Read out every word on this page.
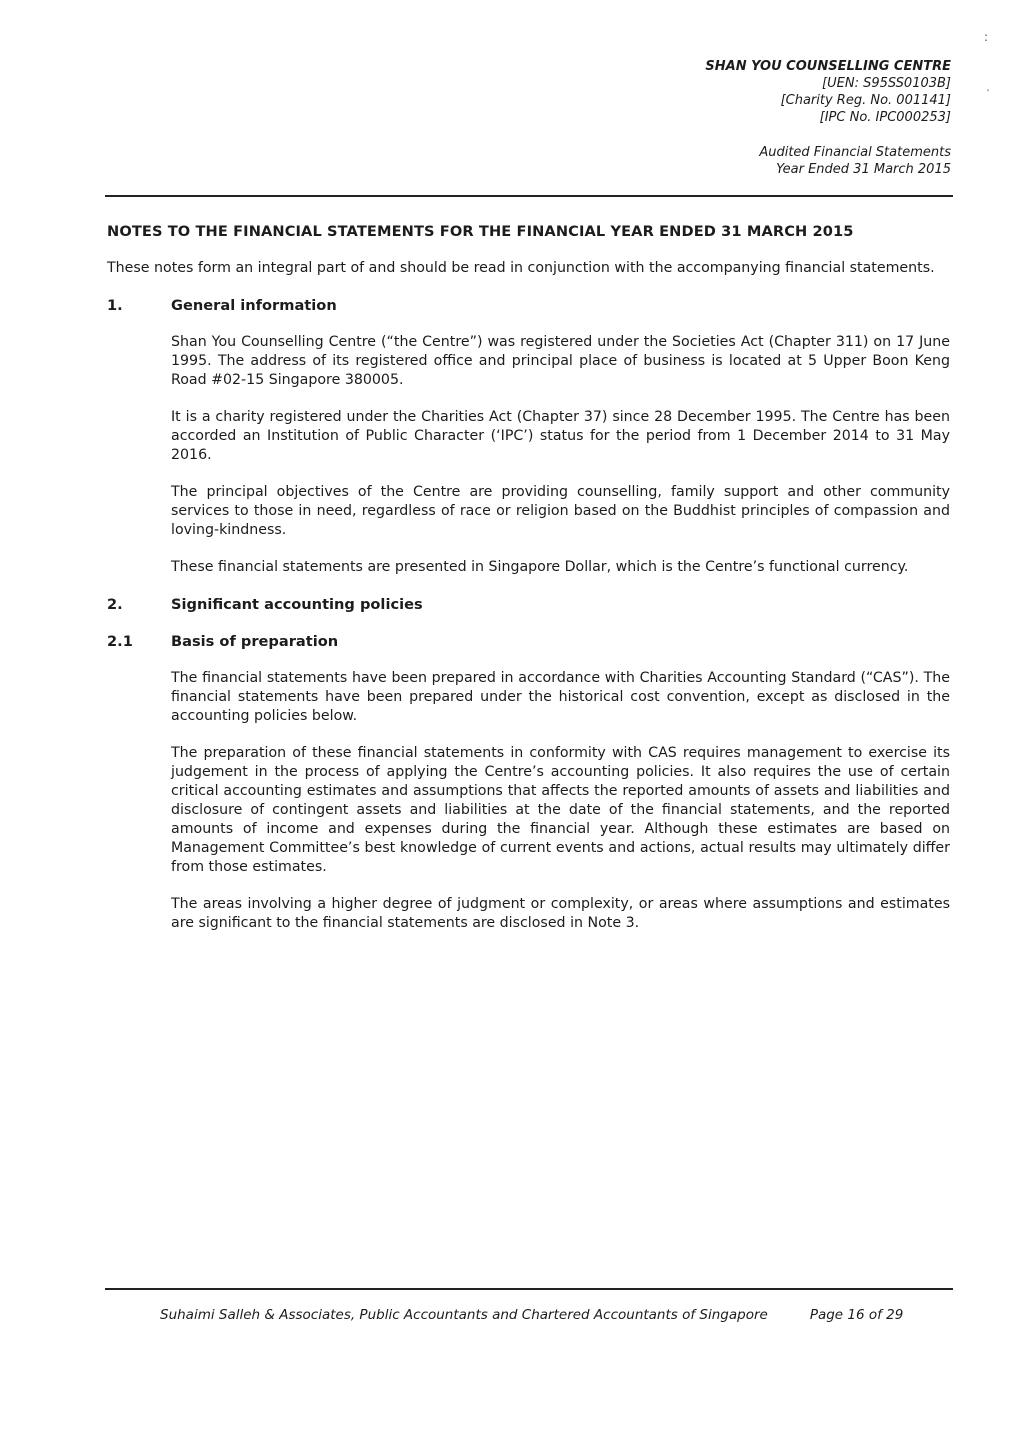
:
.
SHAN YOU COUNSELLING CENTRE
[UEN: S95SS0103B]
[Charity Reg. No. 001141]
[IPC No. IPC000253]
Audited Financial Statements
Year Ended 31 March 2015
NOTES TO THE FINANCIAL STATEMENTS FOR THE FINANCIAL YEAR ENDED 31 MARCH 2015
These notes form an integral part of and should be read in conjunction with the accompanying financial statements.
1.	General information
Shan You Counselling Centre (“the Centre”) was registered under the Societies Act (Chapter 311) on 17 June 1995. The address of its registered office and principal place of business is located at 5 Upper Boon Keng Road #02-15 Singapore 380005.
It is a charity registered under the Charities Act (Chapter 37) since 28 December 1995. The Centre has been accorded an Institution of Public Character (‘IPC’) status for the period from 1 December 2014 to 31 May 2016.
The principal objectives of the Centre are providing counselling, family support and other community services to those in need, regardless of race or religion based on the Buddhist principles of compassion and loving-kindness.
These financial statements are presented in Singapore Dollar, which is the Centre’s functional currency.
2.	Significant accounting policies
2.1	Basis of preparation
The financial statements have been prepared in accordance with Charities Accounting Standard (“CAS”). The financial statements have been prepared under the historical cost convention, except as disclosed in the accounting policies below.
The preparation of these financial statements in conformity with CAS requires management to exercise its judgement in the process of applying the Centre’s accounting policies. It also requires the use of certain critical accounting estimates and assumptions that affects the reported amounts of assets and liabilities and disclosure of contingent assets and liabilities at the date of the financial statements, and the reported amounts of income and expenses during the financial year. Although these estimates are based on Management Committee’s best knowledge of current events and actions, actual results may ultimately differ from those estimates.
The areas involving a higher degree of judgment or complexity, or areas where assumptions and estimates are significant to the financial statements are disclosed in Note 3.
Suhaimi Salleh & Associates, Public Accountants and Chartered Accountants of Singapore	Page 16 of 29
